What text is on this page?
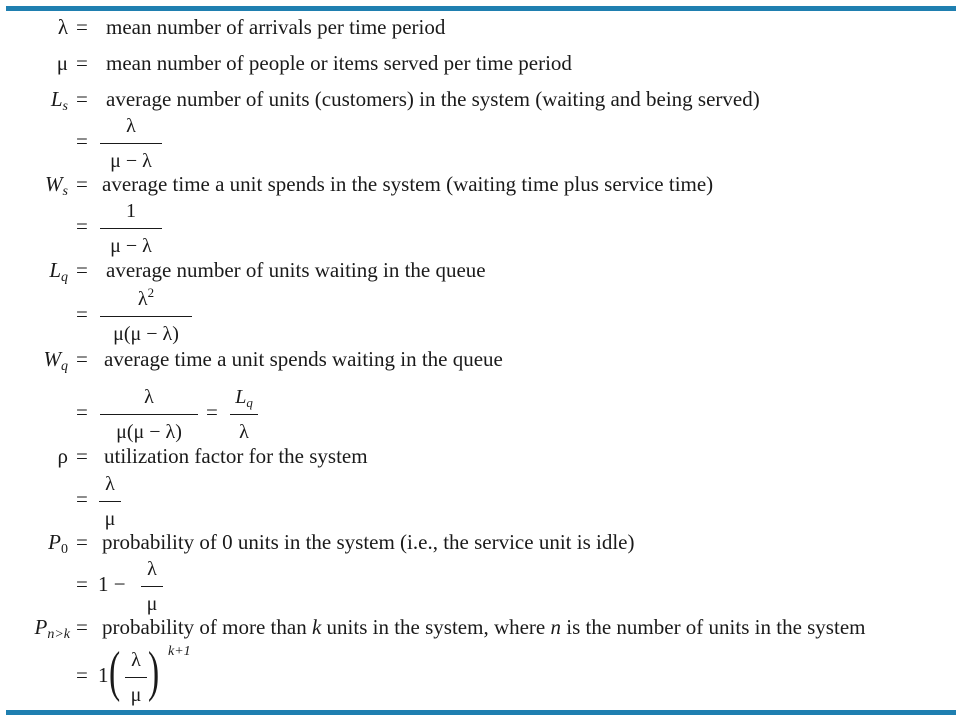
λ = mean number of arrivals per time period
μ = mean number of people or items served per time period
$L_s$ = average number of units (customers) in the system (waiting and being served)
=
λ
μ − λ
$W_s$ = average time a unit spends in the system (waiting time plus service time)
=
1
μ − λ
$L_q$ = average number of units waiting in the queue
=
$\lambda^2$
μ(μ − λ)
$W_q$ = average time a unit spends waiting in the queue
=
λ
μ(μ − λ)
=
$L_q$
λ
ρ = utilization factor for the system
=
λ
μ
$P_0$ = probability of 0 units in the system (i.e., the service unit is idle)
= 1 −
λ
μ
$P_{n>k}$ = probability of more than k units in the system, where n is the number of units in the system
= 1 ( λ
μ ) k+1
